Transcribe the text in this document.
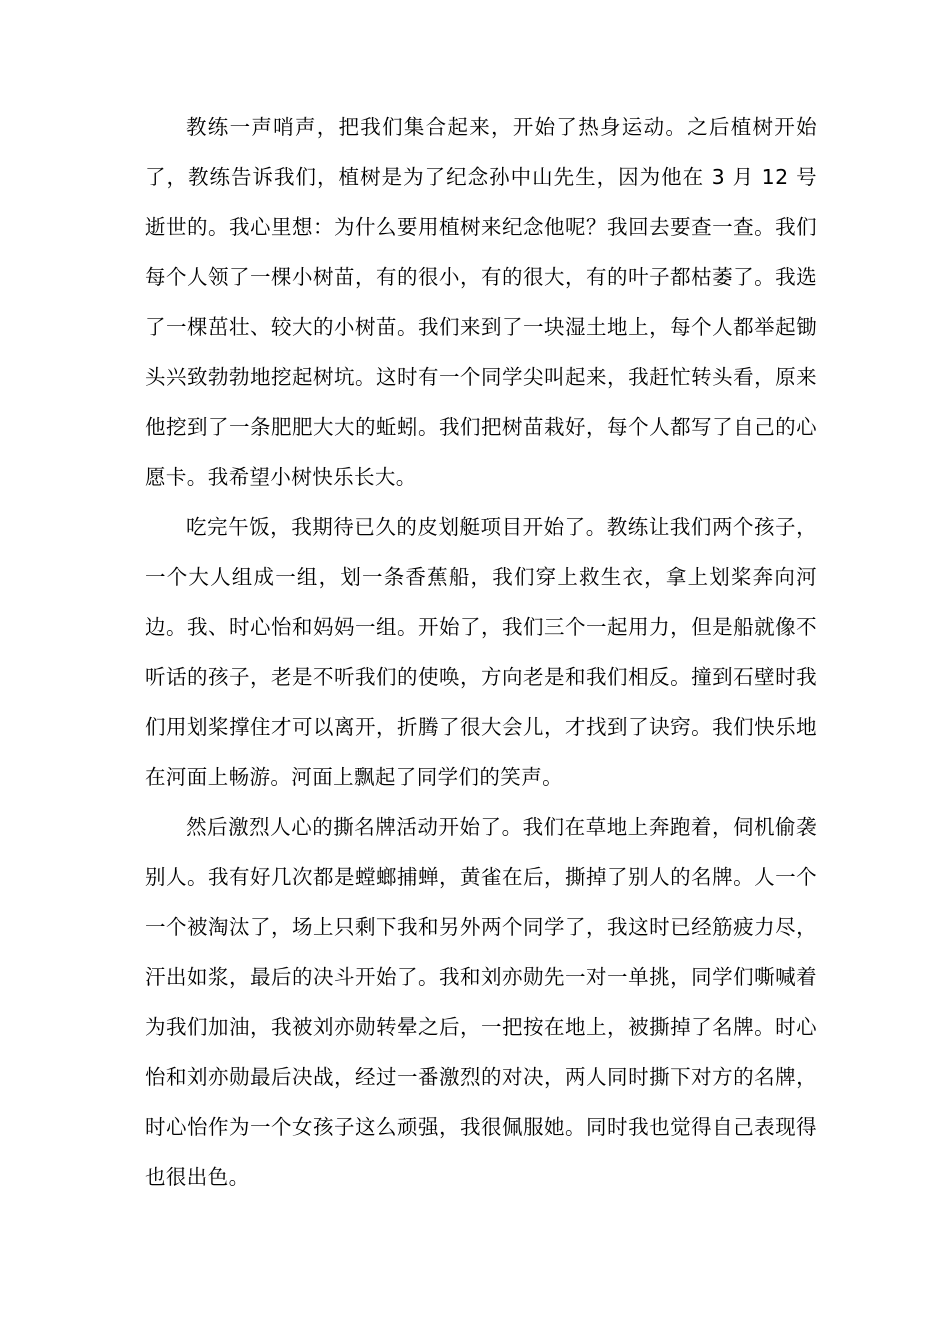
教练一声哨声，把我们集合起来，开始了热身运动。之后植树开始了，教练告诉我们，植树是为了纪念孙中山先生，因为他在 3 月 12 号逝世的。我心里想：为什么要用植树来纪念他呢？我回去要查一查。我们每个人领了一棵小树苗，有的很小，有的很大，有的叶子都枯萎了。我选了一棵茁壮、较大的小树苗。我们来到了一块湿土地上，每个人都举起锄头兴致勃勃地挖起树坑。这时有一个同学尖叫起来，我赶忙转头看，原来他挖到了一条肥肥大大的蚯蚓。我们把树苗栽好，每个人都写了自己的心愿卡。我希望小树快乐长大。

吃完午饭，我期待已久的皮划艇项目开始了。教练让我们两个孩子，一个大人组成一组，划一条香蕉船，我们穿上救生衣，拿上划桨奔向河边。我、时心怡和妈妈一组。开始了，我们三个一起用力，但是船就像不听话的孩子，老是不听我们的使唤，方向老是和我们相反。撞到石壁时我们用划桨撑住才可以离开，折腾了很大会儿，才找到了诀窍。我们快乐地在河面上畅游。河面上飘起了同学们的笑声。

然后激烈人心的撕名牌活动开始了。我们在草地上奔跑着，伺机偷袭别人。我有好几次都是螳螂捕蝉，黄雀在后，撕掉了别人的名牌。人一个一个被淘汰了，场上只剩下我和另外两个同学了，我这时已经筋疲力尽，汗出如浆，最后的决斗开始了。我和刘亦勋先一对一单挑，同学们嘶喊着为我们加油，我被刘亦勋转晕之后，一把按在地上，被撕掉了名牌。时心怡和刘亦勋最后决战，经过一番激烈的对决，两人同时撕下对方的名牌，时心怡作为一个女孩子这么顽强，我很佩服她。同时我也觉得自己表现得也很出色。
